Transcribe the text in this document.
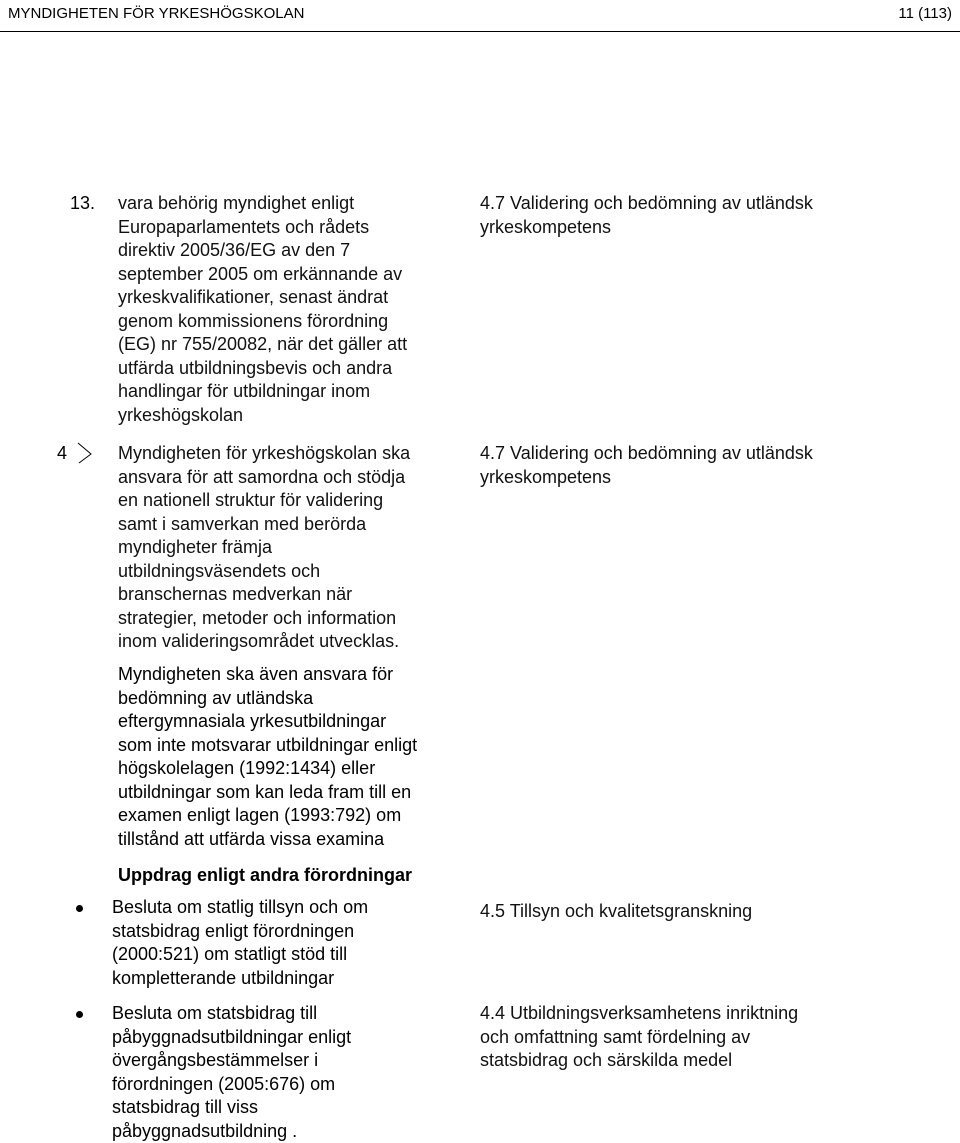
MYNDIGHETEN FÖR YRKESHÖGSKOLAN	11 (113)
13. vara behörig myndighet enligt
Europaparlamentets och rådets
direktiv 2005/36/EG av den 7
september 2005 om erkännande av
yrkeskvalifikationer, senast ändrat
genom kommissionens förordning
(EG) nr 755/20082, när det gäller att
utfärda utbildningsbevis och andra
handlingar för utbildningar inom
yrkeshögskolan
4.7 Validering och bedömning av utländsk
yrkeskompetens
4	Myndigheten för yrkeshögskolan ska
ansvara för att samordna och stödja
en nationell struktur för validering
samt i samverkan med berörda
myndigheter främja
utbildningsväsendets och
branschernas medverkan när
strategier, metoder och information
inom valideringsområdet utvecklas.
4.7 Validering och bedömning av utländsk
yrkeskompetens
Myndigheten ska även ansvara för
bedömning av utländska
eftergymnasiala yrkesutbildningar
som inte motsvarar utbildningar enligt
högskolelagen (1992:1434) eller
utbildningar som kan leda fram till en
examen enligt lagen (1993:792) om
tillstånd att utfärda vissa examina
Uppdrag enligt andra förordningar
Besluta om statlig tillsyn och om
statsbidrag enligt förordningen
(2000:521) om statligt stöd till
kompletterande utbildningar
4.5 Tillsyn och kvalitetsgranskning
Besluta om statsbidrag till
påbyggnadsutbildningar enligt
övergångsbestämmelser i
förordningen (2005:676) om
statsbidrag till viss
påbyggnadsutbildning .
4.4 Utbildningsverksamhetens inriktning
och omfattning samt fördelning av
statsbidrag och särskilda medel
